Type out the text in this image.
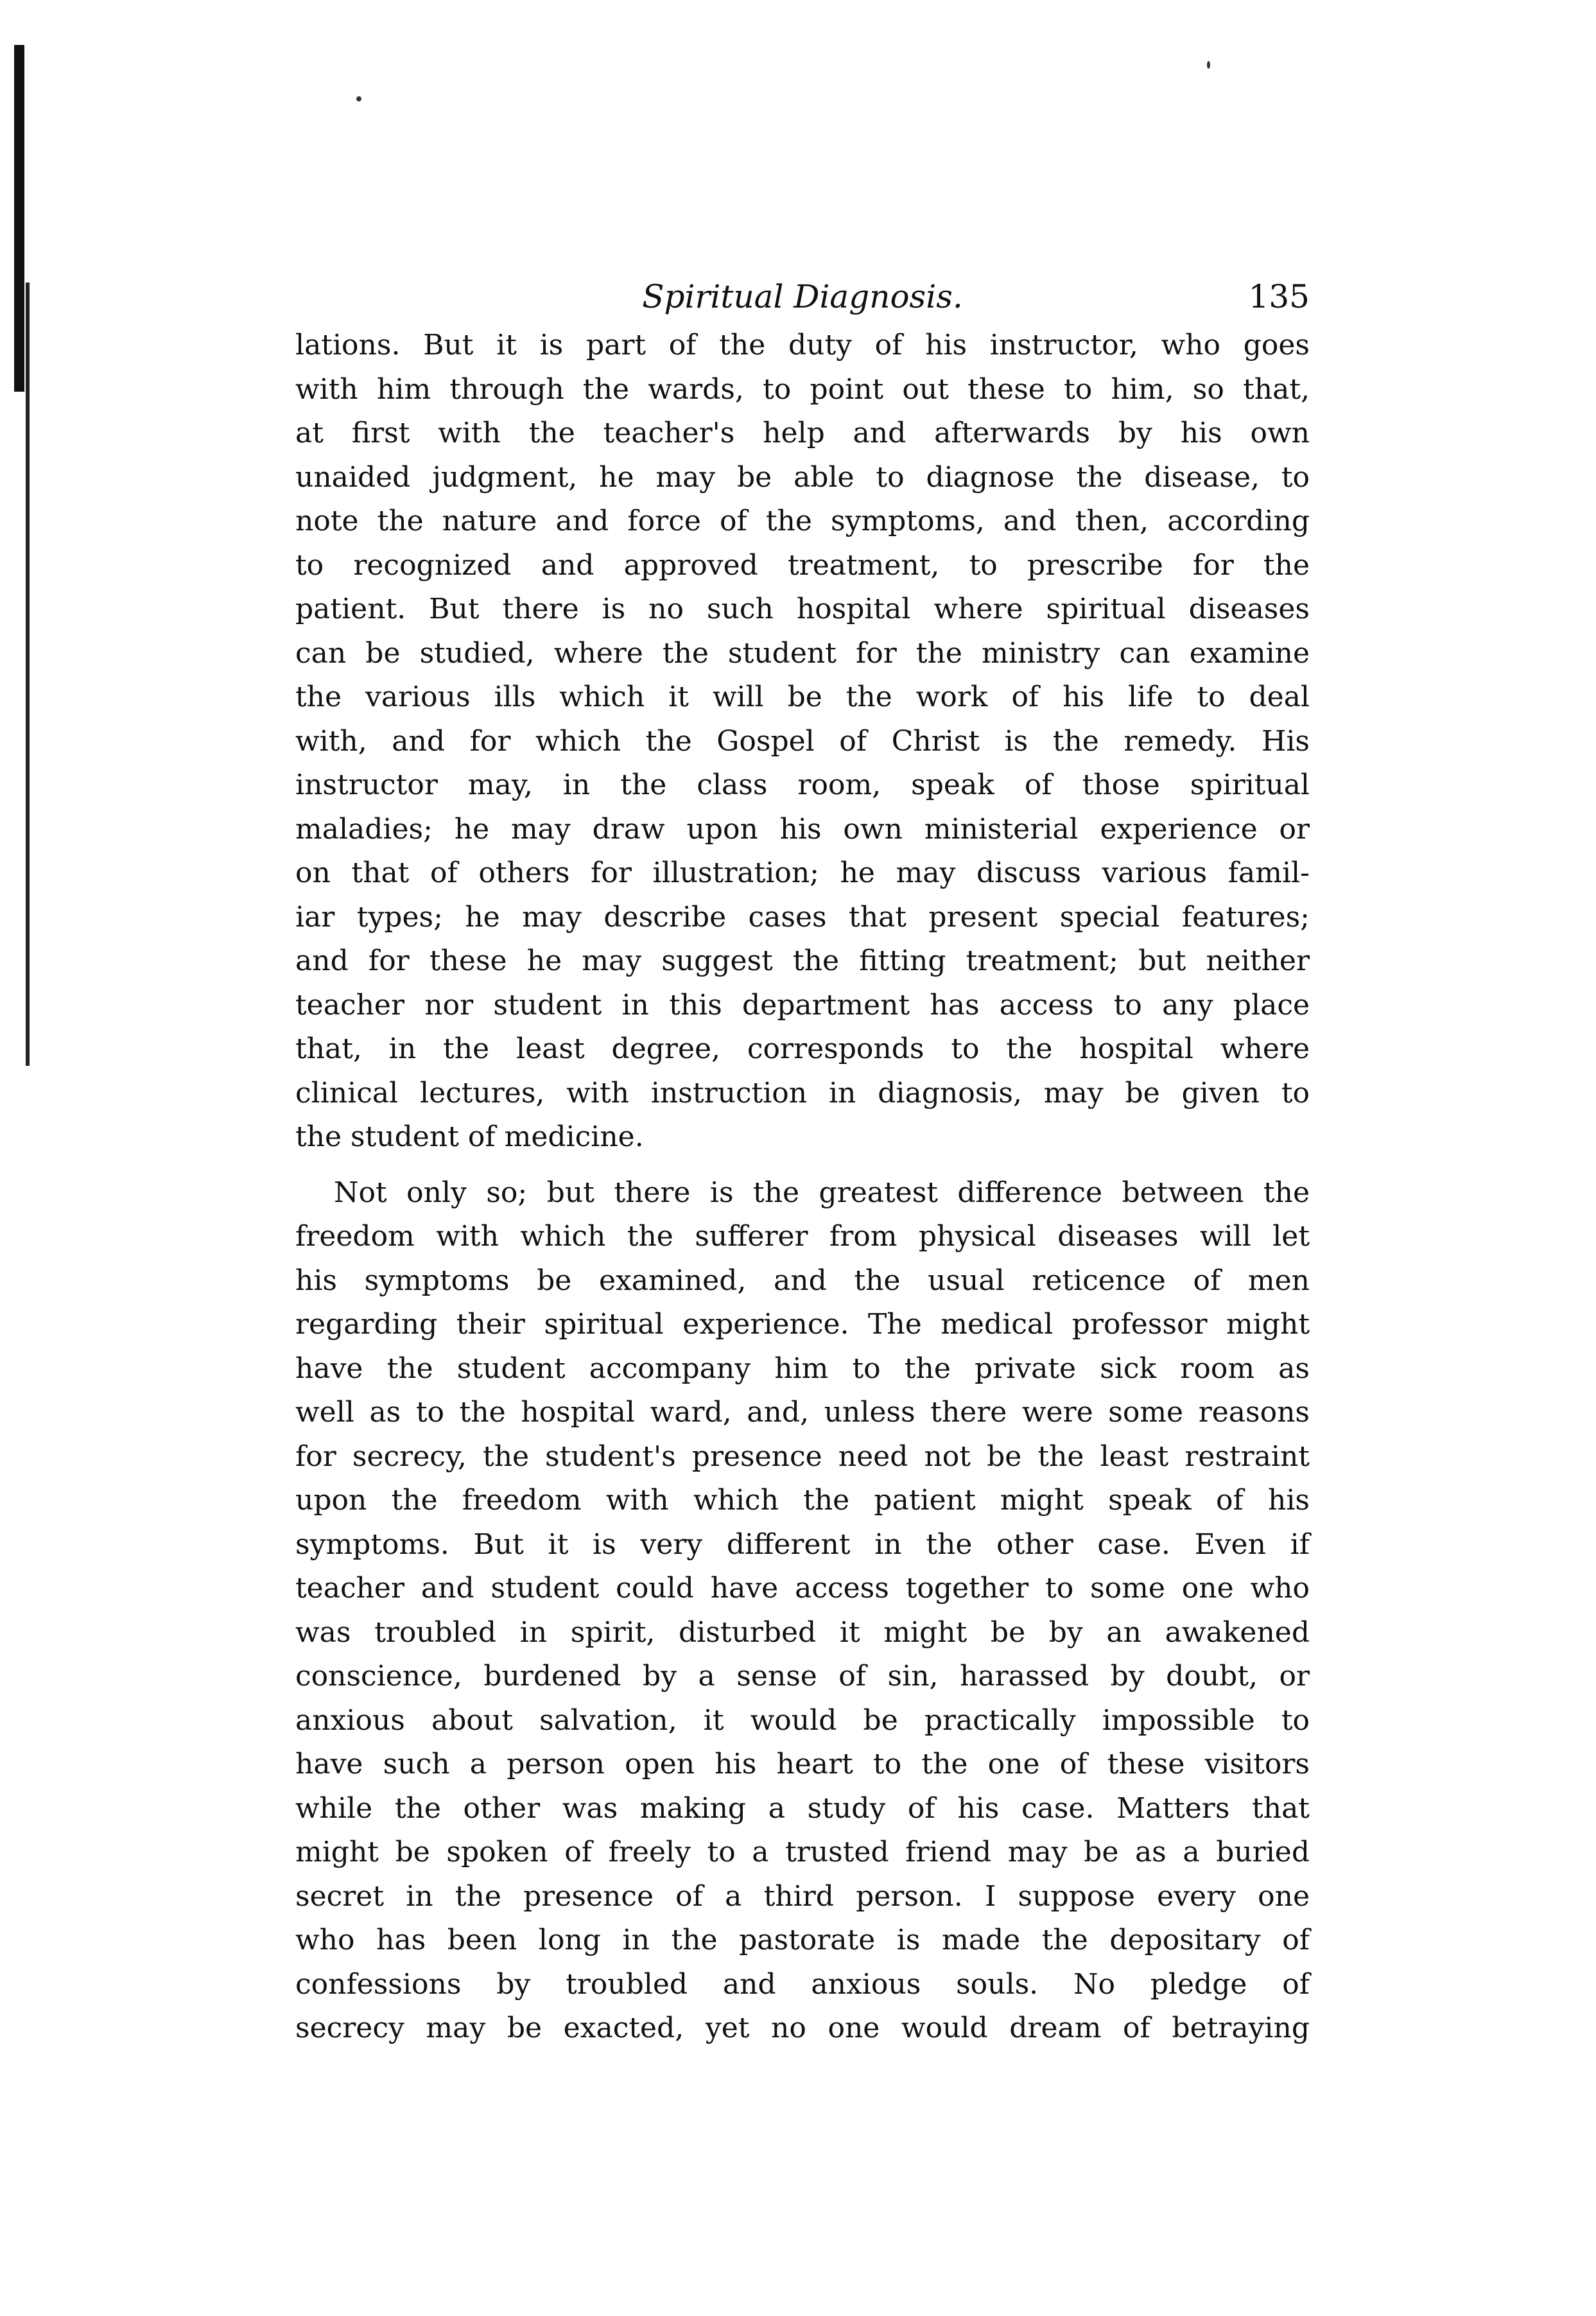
Spiritual Diagnosis.	135
lations. But it is part of the duty of his instructor, who goes
with him through the wards, to point out these to him, so that,
at first with the teacher's help and afterwards by his own
unaided judgment, he may be able to diagnose the disease, to
note the nature and force of the symptoms, and then, according
to recognized and approved treatment, to prescribe for the
patient. But there is no such hospital where spiritual diseases
can be studied, where the student for the ministry can examine
the various ills which it will be the work of his life to deal
with, and for which the Gospel of Christ is the remedy. His
instructor may, in the class room, speak of those spiritual
maladies; he may draw upon his own ministerial experience or
on that of others for illustration; he may discuss various famil-
iar types; he may describe cases that present special features;
and for these he may suggest the fitting treatment; but neither
teacher nor student in this department has access to any place
that, in the least degree, corresponds to the hospital where
clinical lectures, with instruction in diagnosis, may be given to
the student of medicine.
Not only so; but there is the greatest difference between the
freedom with which the sufferer from physical diseases will let
his symptoms be examined, and the usual reticence of men
regarding their spiritual experience. The medical professor might
have the student accompany him to the private sick room as
well as to the hospital ward, and, unless there were some reasons
for secrecy, the student's presence need not be the least restraint
upon the freedom with which the patient might speak of his
symptoms. But it is very different in the other case. Even if
teacher and student could have access together to some one who
was troubled in spirit, disturbed it might be by an awakened
conscience, burdened by a sense of sin, harassed by doubt, or
anxious about salvation, it would be practically impossible to
have such a person open his heart to the one of these visitors
while the other was making a study of his case. Matters that
might be spoken of freely to a trusted friend may be as a buried
secret in the presence of a third person. I suppose every one
who has been long in the pastorate is made the depositary of
confessions by troubled and anxious souls. No pledge of
secrecy may be exacted, yet no one would dream of betraying
